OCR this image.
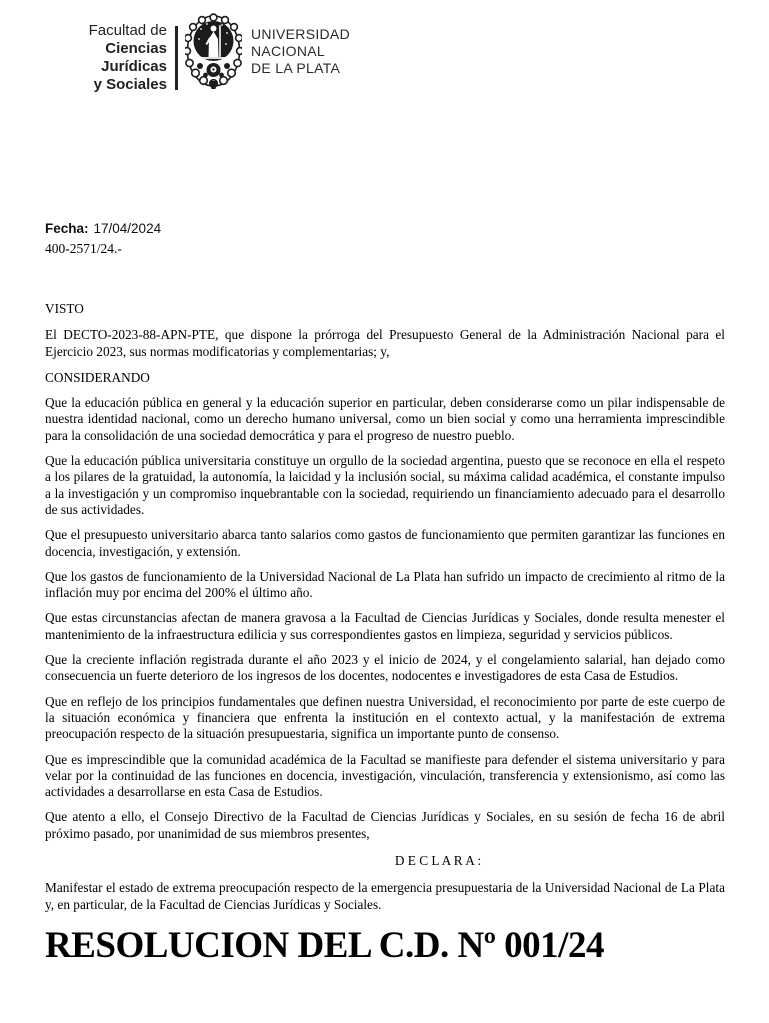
Facultad de
Ciencias Jurídicas
y Sociales
UNIVERSIDAD
NACIONAL
DE LA PLATA
Fecha: 17/04/2024
400-2571/24.-

VISTO

El DECTO-2023-88-APN-PTE, que dispone la prórroga del Presupuesto General de la Administración Nacional para el Ejercicio 2023, sus normas modificatorias y complementarias; y,

CONSIDERANDO

Que la educación pública en general y la educación superior en particular, deben considerarse como un pilar indispensable de nuestra identidad nacional, como un derecho humano universal, como un bien social y como una herramienta imprescindible para la consolidación de una sociedad democrática y para el progreso de nuestro pueblo.

Que la educación pública universitaria constituye un orgullo de la sociedad argentina, puesto que se reconoce en ella el respeto a los pilares de la gratuidad, la autonomía, la laicidad y la inclusión social, su máxima calidad académica, el constante impulso a la investigación y un compromiso inquebrantable con la sociedad, requiriendo un financiamiento adecuado para el desarrollo de sus actividades.

Que el presupuesto universitario abarca tanto salarios como gastos de funcionamiento que permiten garantizar las funciones en docencia, investigación, y extensión.

Que los gastos de funcionamiento de la Universidad Nacional de La Plata han sufrido un impacto de crecimiento al ritmo de la inflación muy por encima del 200% el último año.

Que estas circunstancias afectan de manera gravosa a la Facultad de Ciencias Jurídicas y Sociales, donde resulta menester el mantenimiento de la infraestructura edilicia y sus correspondientes gastos en limpieza, seguridad y servicios públicos.

Que la creciente inflación registrada durante el año 2023 y el inicio de 2024, y el congelamiento salarial, han dejado como consecuencia un fuerte deterioro de los ingresos de los docentes, nodocentes e investigadores de esta Casa de Estudios.

Que en reflejo de los principios fundamentales que definen nuestra Universidad, el reconocimiento por parte de este cuerpo de la situación económica y financiera que enfrenta la institución en el contexto actual, y la manifestación de extrema preocupación respecto de la situación presupuestaria, significa un importante punto de consenso.

Que es imprescindible que la comunidad académica de la Facultad se manifieste para defender el sistema universitario y para velar por la continuidad de las funciones en docencia, investigación, vinculación, transferencia y extensionismo, así como las actividades a desarrollarse en esta Casa de Estudios.

Que atento a ello, el Consejo Directivo de la Facultad de Ciencias Jurídicas y Sociales, en su sesión de fecha 16 de abril próximo pasado, por unanimidad de sus miembros presentes,

D E C L A R A :

Manifestar el estado de extrema preocupación respecto de la emergencia presupuestaria de la Universidad Nacional de La Plata y, en particular, de la Facultad de Ciencias Jurídicas y Sociales.

RESOLUCION DEL C.D. Nº 001/24
